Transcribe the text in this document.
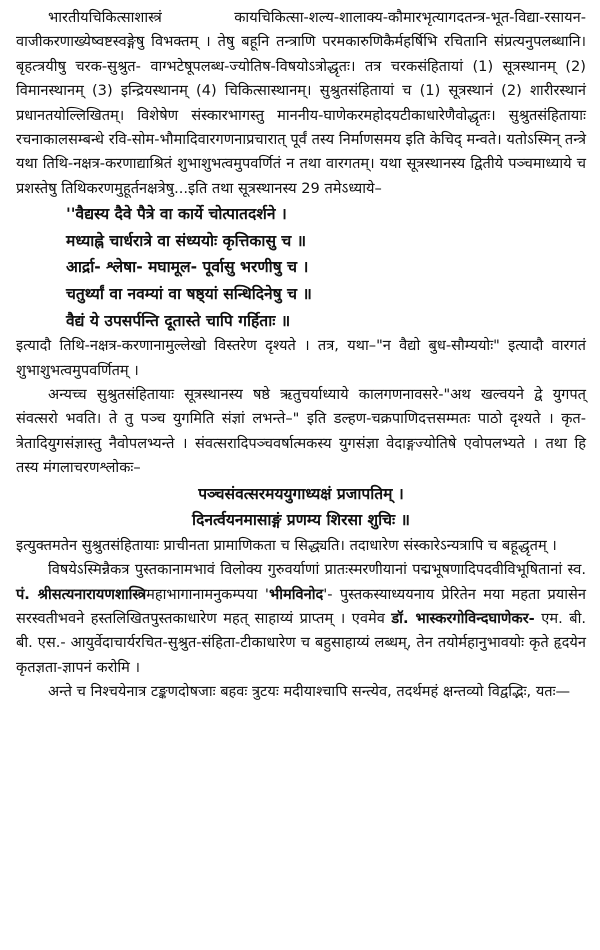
भारतीयचिकित्साशास्त्रं कायचिकित्सा-शल्य-शालाक्य-कौमारभृत्यागदतन्त्र-भूत-विद्या-रसायन-वाजीकरणाख्येष्वष्टस्वङ्गेषु विभक्तम् । तेषु बहूनि तन्त्राणि परमकारुणिकैर्महर्षिभि रचितानि संप्रत्यनुपलब्धानि। बृहत्त्रयीषु चरक-सुश्रुत- वाग्भटेषूपलब्ध-ज्योतिष-विषयोऽत्रोद्धृतः। तत्र चरकसंहितायां (1) सूत्रस्थानम् (2) विमानस्थानम् (3) इन्द्रियस्थानम् (4) चिकित्सास्थानम्। सुश्रुतसंहितायां च (1) सूत्रस्थानं (2) शारीरस्थानं प्रधानतयोल्लिखितम्। विशेषेण संस्कारभागस्तु माननीय-घाणेकरमहोदयटीकाधारेणैवोद्धृतः। सुश्रुतसंहितायाः रचनाकालसम्बन्धे रवि-सोम-भौमादिवारगणनाप्रचारात् पूर्वं तस्य निर्माणसमय इति केचिद् मन्वते। यतोऽस्मिन् तन्त्रे यथा तिथि-नक्षत्र-करणाद्याश्रितं शुभाशुभत्वमुपवर्णितं न तथा वारगतम्। यथा सूत्रस्थानस्य द्वितीये पञ्चमाध्याये च प्रशस्तेषु तिथिकरणमुहूर्तनक्षत्रेषु...इति तथा सूत्रस्थानस्य 29 तमेऽध्याये–

''वैद्यस्य दैवे पैत्रे वा कार्ये चोत्पातदर्शने ।
मध्याह्ने चार्धरात्रे वा संध्ययोः कृत्तिकासु च ॥
आर्द्रा- श्लेषा- मघामूल- पूर्वासु भरणीषु च ।
चतुर्थ्यां वा नवम्यां वा षष्ठ्यां सन्धिदिनेषु च ॥
वैद्यं ये उपसर्पन्ति दूतास्ते चापि गर्हिताः ॥

इत्यादौ तिथि-नक्षत्र-करणानामुल्लेखो विस्तरेण दृश्यते । तत्र, यथा–"न वैद्यो बुध-सौम्ययोः" इत्यादौ वारगतं शुभाशुभत्वमुपवर्णितम् ।

अन्यच्च सुश्रुतसंहितायाः सूत्रस्थानस्य षष्ठे ऋतुचर्याध्याये कालगणनावसरे-"अथ खल्वयने द्वे युगपत् संवत्सरो भवति। ते तु पञ्च युगमिति संज्ञां लभन्ते–" इति डल्हण-चक्रपाणिदत्तसम्मतः पाठो दृश्यते । कृत-त्रेतादियुगसंज्ञास्तु नैवोपलभ्यन्ते । संवत्सरादिपञ्चवर्षात्मकस्य युगसंज्ञा वेदाङ्गज्योतिषे एवोपलभ्यते । तथा हि तस्य मंगलाचरणश्लोकः–

पञ्चसंवत्सरमययुगाध्यक्षं प्रजापतिम् ।
दिनर्त्वयनमासाङ्गं प्रणम्य शिरसा शुचिः ॥

इत्युक्तमतेन सुश्रुतसंहितायाः प्राचीनता प्रामाणिकता च सिद्ध्यति। तदाधारेण संस्कारेऽन्यत्रापि च बहूद्धृतम् ।

विषयेऽस्मिन्नैकत्र पुस्तकानामभावं विलोक्य गुरुवर्याणां प्रातःस्मरणीयानां पद्मभूषणादिपदवीविभूषितानां स्व. पं. श्रीसत्यनारायणशास्त्रिमहाभागानामनुकम्पया 'भीमविनोद'- पुस्तकस्याध्ययनाय प्रेरितेन मया महता प्रयासेन सरस्वतीभवने हस्तलिखितपुस्तकाधारेण महत् साहाय्यं प्राप्तम् । एवमेव डॉ. भास्करगोविन्दघाणेकर- एम. बी. बी. एस.- आयुर्वेदाचार्यरचित-सुश्रुत-संहिता-टीकाधारेण च बहुसाहाय्यं लब्धम्, तेन तयोर्महानुभावयोः कृते हृदयेन कृतज्ञता-ज्ञापनं करोमि ।

अन्ते च निश्चयेनात्र टङ्कणदोषजाः बहवः त्रुटयः मदीयाश्चापि सन्त्येव, तदर्थमहं क्षन्तव्यो विद्वद्भिः, यतः—
